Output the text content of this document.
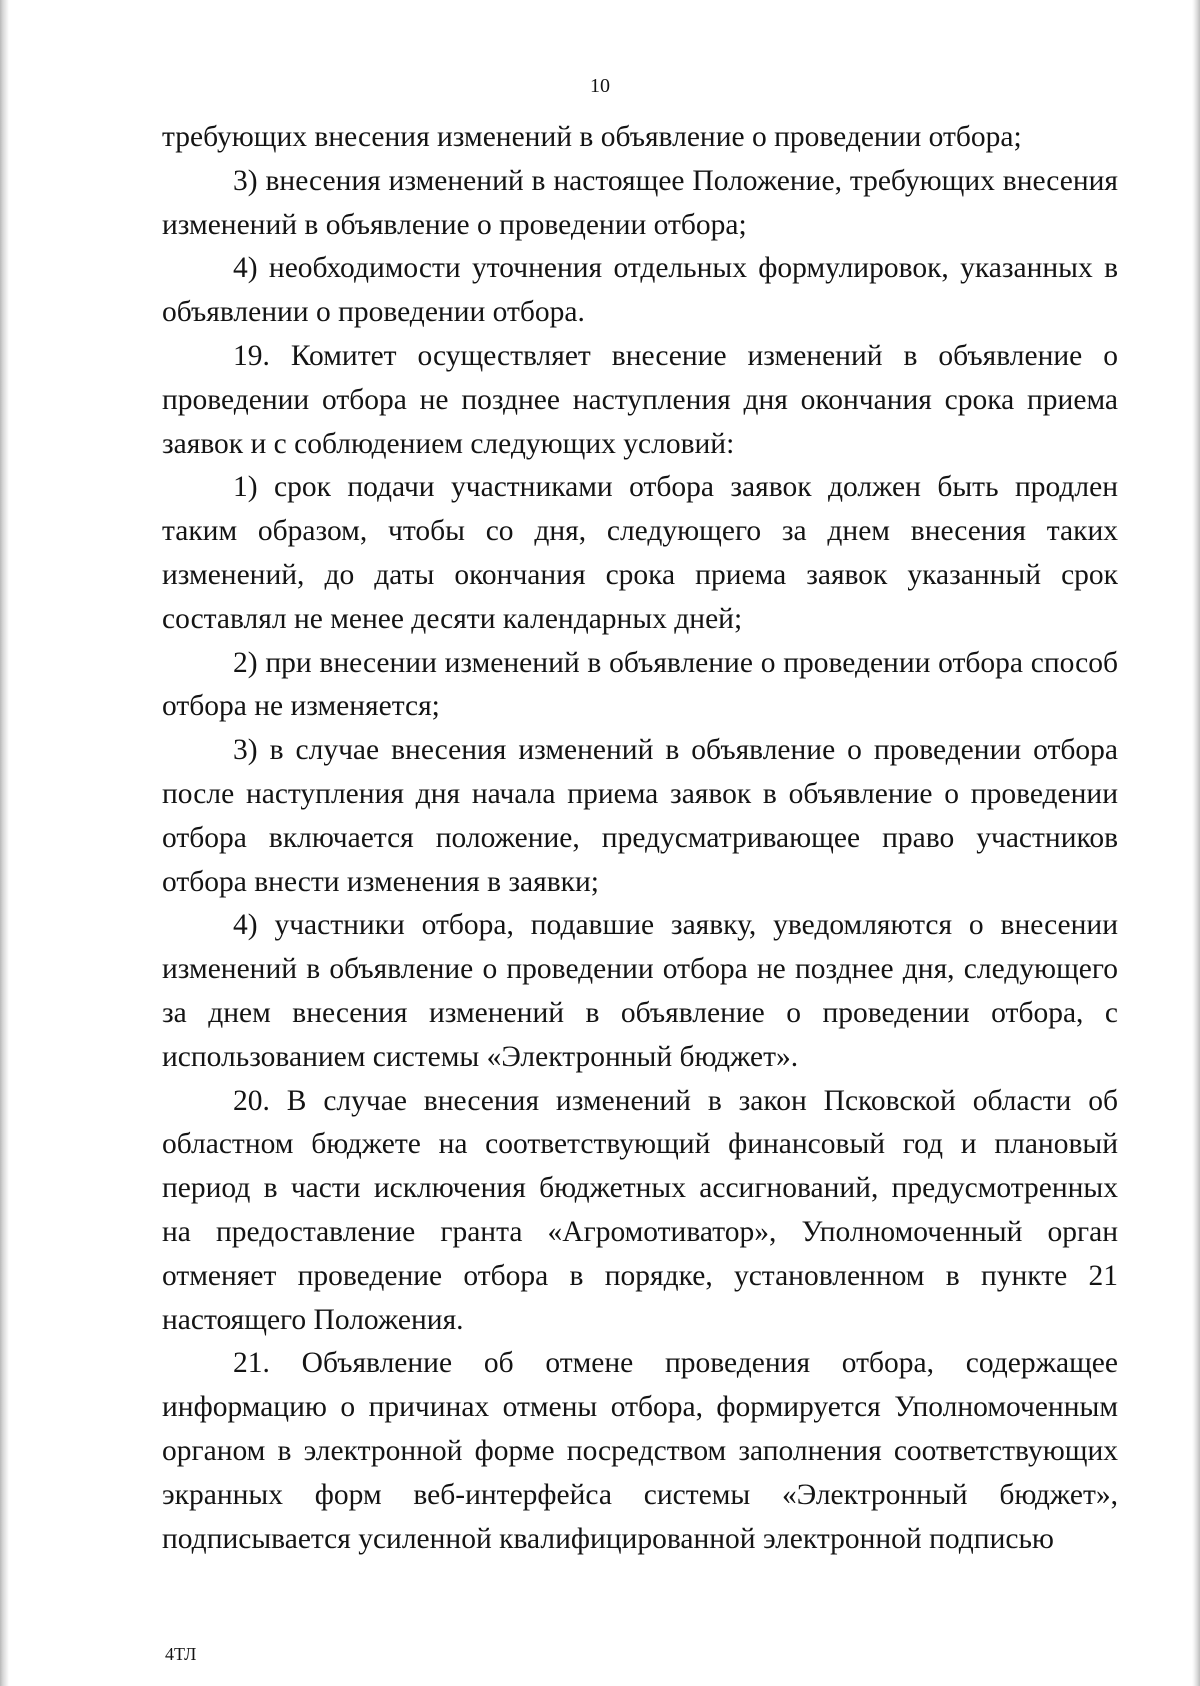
10

требующих внесения изменений в объявление о проведении отбора;

3) внесения изменений в настоящее Положение, требующих внесения изменений в объявление о проведении отбора;

4) необходимости уточнения отдельных формулировок, указанных в объявлении о проведении отбора.

19. Комитет осуществляет внесение изменений в объявление о проведении отбора не позднее наступления дня окончания срока приема заявок и с соблюдением следующих условий:

1) срок подачи участниками отбора заявок должен быть продлен таким образом, чтобы со дня, следующего за днем внесения таких изменений, до даты окончания срока приема заявок указанный срок составлял не менее десяти календарных дней;

2) при внесении изменений в объявление о проведении отбора способ отбора не изменяется;

3) в случае внесения изменений в объявление о проведении отбора после наступления дня начала приема заявок в объявление о проведении отбора включается положение, предусматривающее право участников отбора внести изменения в заявки;

4) участники отбора, подавшие заявку, уведомляются о внесении изменений в объявление о проведении отбора не позднее дня, следующего за днем внесения изменений в объявление о проведении отбора, с использованием системы «Электронный бюджет».

20. В случае внесения изменений в закон Псковской области об областном бюджете на соответствующий финансовый год и плановый период в части исключения бюджетных ассигнований, предусмотренных на предоставление гранта «Агромотиватор», Уполномоченный орган отменяет проведение отбора в порядке, установленном в пункте 21 настоящего Положения.

21. Объявление об отмене проведения отбора, содержащее информацию о причинах отмены отбора, формируется Уполномоченным органом в электронной форме посредством заполнения соответствующих экранных форм веб-интерфейса системы «Электронный бюджет», подписывается усиленной квалифицированной электронной подписью

4ТЛ
